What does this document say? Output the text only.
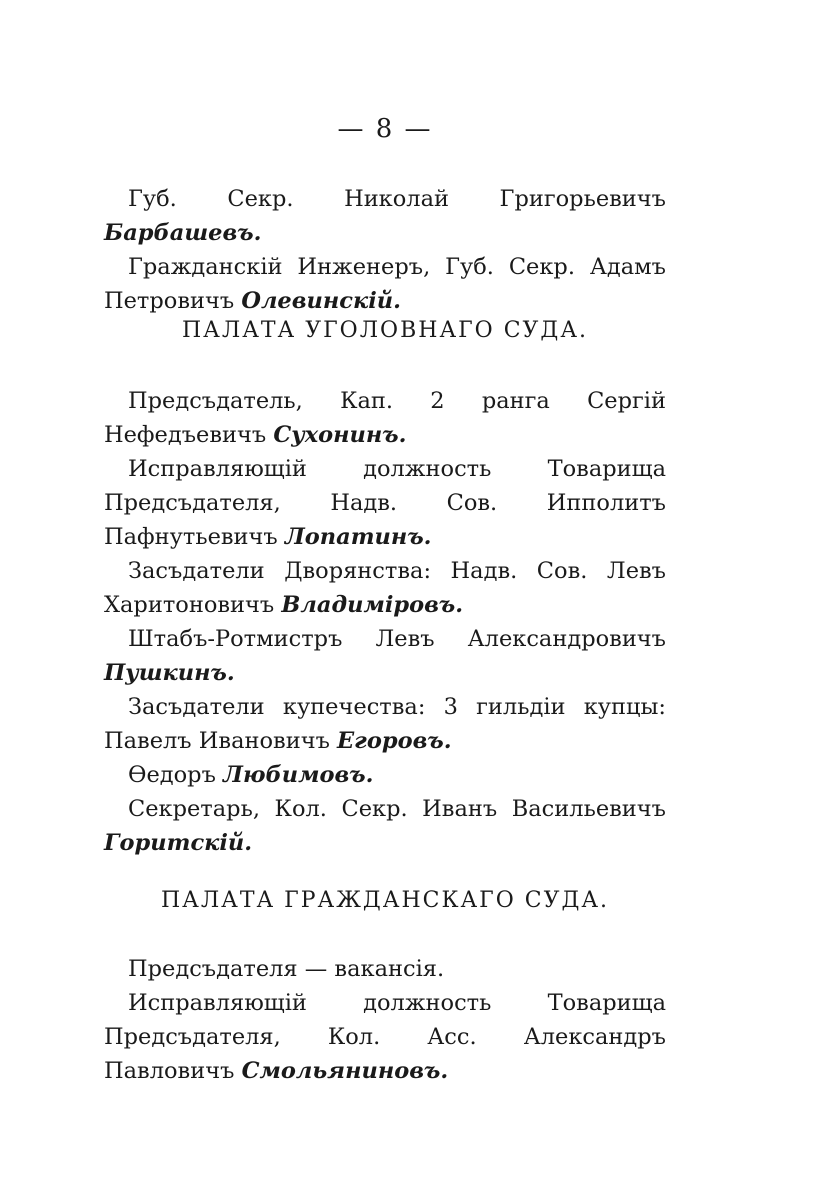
— 8 —

Губ. Секр. Николай Григорьевичъ Барбашевъ.

Гражданскій Инженеръ, Губ. Секр. Адамъ Петровичъ Олевинскій.

ПАЛАТА УГОЛОВНАГО СУДА.

Предсъдатель, Кап. 2 ранга Сергій Нефедъевичъ Сухонинъ.

Исправляющій должность Товарища Предсъдателя, Надв. Сов. Ипполитъ Пафнутьевичъ Лопатинъ.

Засъдатели Дворянства: Надв. Сов. Левъ Харитоновичъ Владиміровъ.

Штабъ-Ротмистръ Левъ Александровичъ Пушкинъ.

Засъдатели купечества: 3 гильдіи купцы: Павелъ Ивановичъ Егоровъ.

Өедоръ Любимовъ.

Секретарь, Кол. Секр. Иванъ Васильевичъ Горитскій.

ПАЛАТА ГРАЖДАНСКАГО СУДА.

Предсъдателя — вакансія.

Исправляющій должность Товарища Предсъдателя, Кол. Асс. Александръ Павловичъ Смольяниновъ.
